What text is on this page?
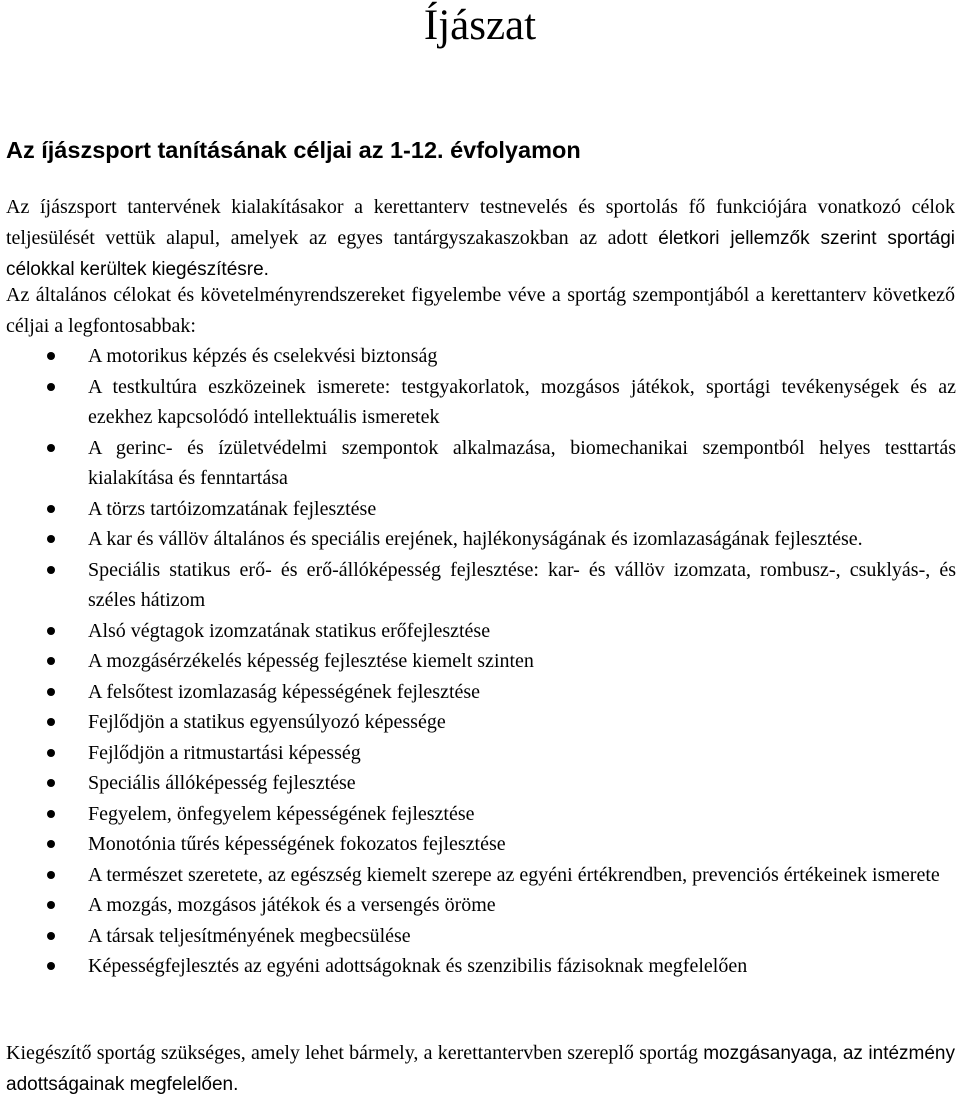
Íjászat
Az íjászsport tanításának céljai az 1-12. évfolyamon

Az íjászsport tantervének kialakításakor a kerettanterv testnevelés és sportolás fő funkciójára vonatkozó célok teljesülését vettük alapul, amelyek az egyes tantárgyszakaszokban az adott életkori jellemzők szerint sportági célokkal kerültek kiegészítésre.

Az általános célokat és követelményrendszereket figyelembe véve a sportág szempontjából a kerettanterv következő céljai a legfontosabbak:

A motorikus képzés és cselekvési biztonság
A testkultúra eszközeinek ismerete: testgyakorlatok, mozgásos játékok, sportági tevékenységek és az ezekhez kapcsolódó intellektuális ismeretek
A gerinc- és ízületvédelmi szempontok alkalmazása, biomechanikai szempontból helyes testtartás kialakítása és fenntartása
A törzs tartóizomzatának fejlesztése
A kar és vállöv általános és speciális erejének, hajlékonyságának és izomlazaságának fejlesztése.
Speciális statikus erő- és erő-állóképesség fejlesztése: kar- és vállöv izomzata, rombusz-, csuklyás-, és széles hátizom
Alsó végtagok izomzatának statikus erőfejlesztése
A mozgásérzékelés képesség fejlesztése kiemelt szinten
A felsőtest izomlazaság képességének fejlesztése
Fejlődjön a statikus egyensúlyozó képessége
Fejlődjön a ritmustartási képesség
Speciális állóképesség fejlesztése
Fegyelem, önfegyelem képességének fejlesztése
Monotónia tűrés képességének fokozatos fejlesztése
A természet szeretete, az egészség kiemelt szerepe az egyéni értékrendben, prevenciós értékeinek ismerete
A mozgás, mozgásos játékok és a versengés öröme
A társak teljesítményének megbecsülése
Képességfejlesztés az egyéni adottságoknak és szenzibilis fázisoknak megfelelően

Kiegészítő sportág szükséges, amely lehet bármely, a kerettantervben szereplő sportág mozgásanyaga, az intézmény adottságainak megfelelően.
